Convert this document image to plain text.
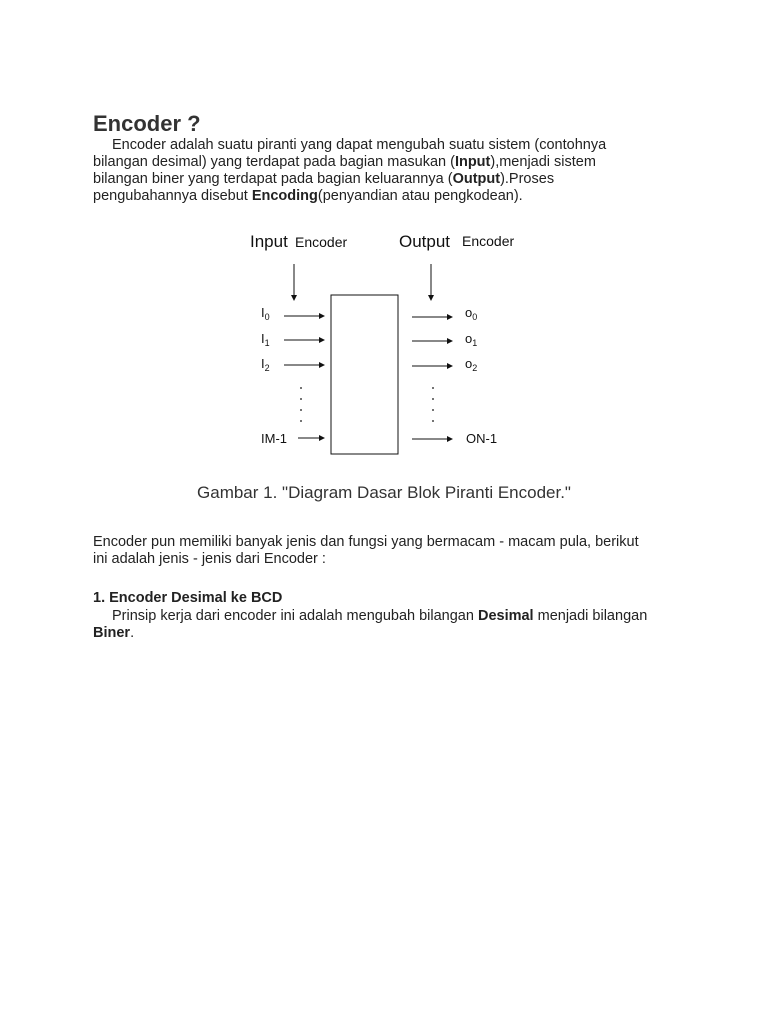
Encoder ?

Encoder adalah suatu piranti yang dapat mengubah suatu sistem (contohnya bilangan desimal) yang terdapat pada bagian masukan (Input),menjadi sistem bilangan biner yang terdapat pada bagian keluarannya (Output).Proses pengubahannya disebut Encoding(penyandian atau pengkodean).

Input Encoder	Output Encoder
$I_0$
$I_1$
$I_2$
IM-1
$o_0$
$o_1$
$o_2$
ON-1
Gambar 1. "Diagram Dasar Blok Piranti Encoder."

Encoder pun memiliki banyak jenis dan fungsi yang bermacam - macam pula, berikut ini adalah jenis - jenis dari Encoder :

1. Encoder Desimal ke BCD

Prinsip kerja dari encoder ini adalah mengubah bilangan Desimal menjadi bilangan Biner.
